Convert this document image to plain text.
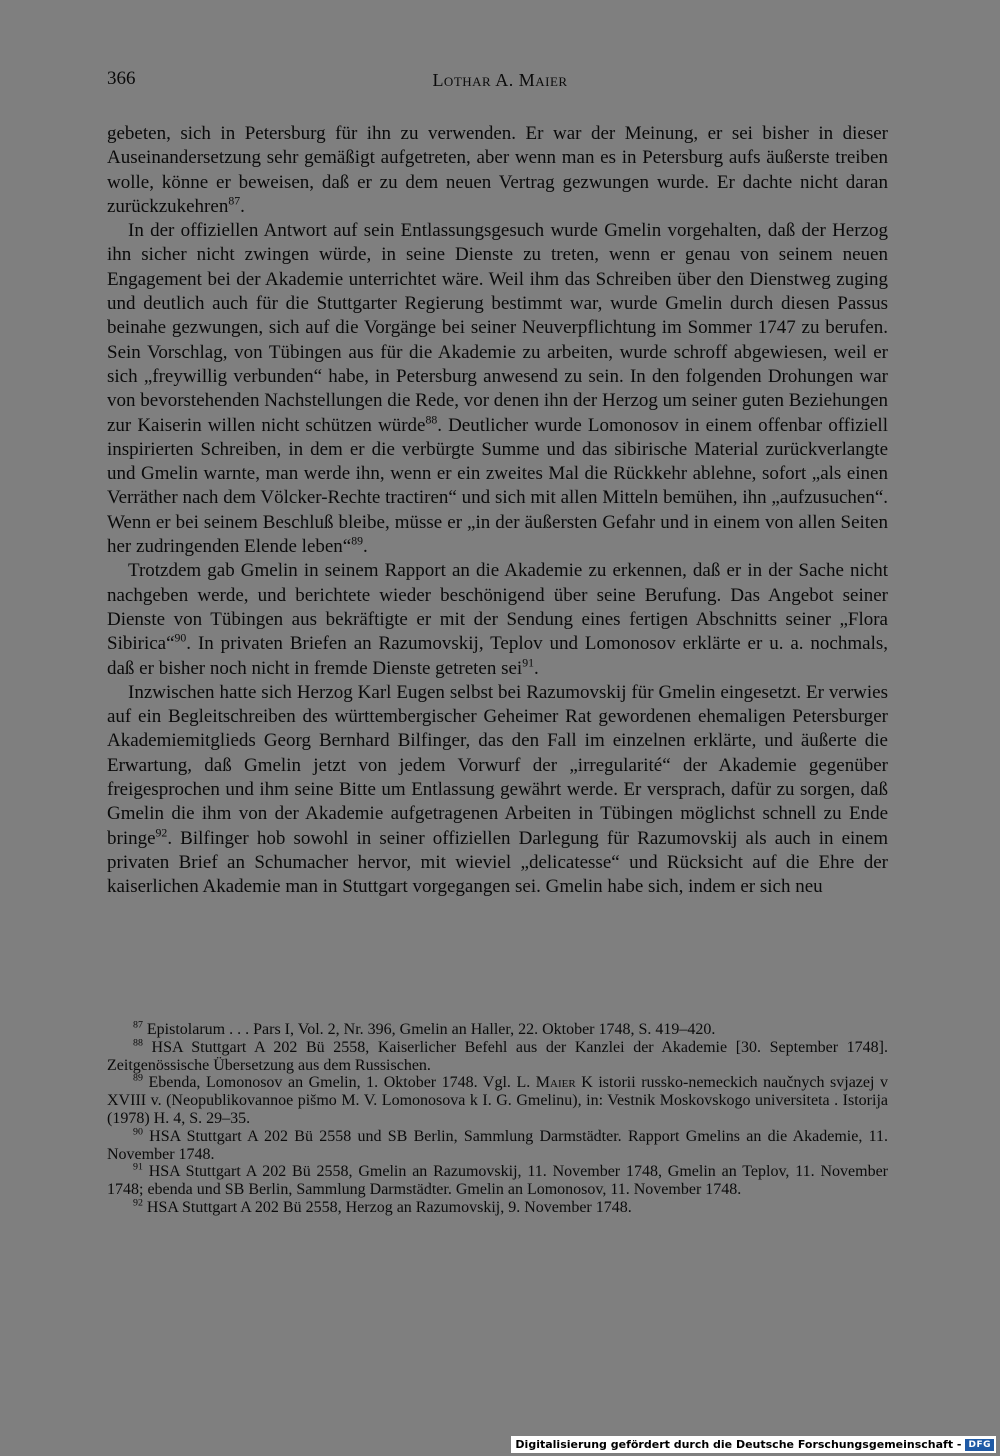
366	Lothar A. Maier

gebeten, sich in Petersburg für ihn zu verwenden. Er war der Meinung, er sei bisher in dieser Auseinandersetzung sehr gemäßigt aufgetreten, aber wenn man es in Petersburg aufs äußerste treiben wolle, könne er beweisen, daß er zu dem neuen Vertrag gezwungen wurde. Er dachte nicht daran zurückzukehren$^{87}$.

In der offiziellen Antwort auf sein Entlassungsgesuch wurde Gmelin vorgehalten, daß der Herzog ihn sicher nicht zwingen würde, in seine Dienste zu treten, wenn er genau von seinem neuen Engagement bei der Akademie unterrichtet wäre. Weil ihm das Schreiben über den Dienstweg zuging und deutlich auch für die Stuttgarter Regierung bestimmt war, wurde Gmelin durch diesen Passus beinahe gezwungen, sich auf die Vorgänge bei seiner Neuverpflichtung im Sommer 1747 zu berufen. Sein Vorschlag, von Tübingen aus für die Akademie zu arbeiten, wurde schroff abgewiesen, weil er sich „freywillig verbunden“ habe, in Petersburg anwesend zu sein. In den folgenden Drohungen war von bevorstehenden Nachstellungen die Rede, vor denen ihn der Herzog um seiner guten Beziehungen zur Kaiserin willen nicht schützen würde$^{88}$. Deutlicher wurde Lomonosov in einem offenbar offiziell inspirierten Schreiben, in dem er die verbürgte Summe und das sibirische Material zurückverlangte und Gmelin warnte, man werde ihn, wenn er ein zweites Mal die Rückkehr ablehne, sofort „als einen Verräther nach dem Völcker-Rechte tractiren“ und sich mit allen Mitteln bemühen, ihn „aufzusuchen“. Wenn er bei seinem Beschluß bleibe, müsse er „in der äußersten Gefahr und in einem von allen Seiten her zudringenden Elende leben“$^{89}$.

Trotzdem gab Gmelin in seinem Rapport an die Akademie zu erkennen, daß er in der Sache nicht nachgeben werde, und berichtete wieder beschönigend über seine Berufung. Das Angebot seiner Dienste von Tübingen aus bekräftigte er mit der Sendung eines fertigen Abschnitts seiner „Flora Sibirica“$^{90}$. In privaten Briefen an Razumovskij, Teplov und Lomonosov erklärte er u. a. nochmals, daß er bisher noch nicht in fremde Dienste getreten sei$^{91}$.

Inzwischen hatte sich Herzog Karl Eugen selbst bei Razumovskij für Gmelin eingesetzt. Er verwies auf ein Begleitschreiben des württembergischer Geheimer Rat gewordenen ehemaligen Petersburger Akademiemitglieds Georg Bernhard Bilfinger, das den Fall im einzelnen erklärte, und äußerte die Erwartung, daß Gmelin jetzt von jedem Vorwurf der „irregularité“ der Akademie gegenüber freigesprochen und ihm seine Bitte um Entlassung gewährt werde. Er versprach, dafür zu sorgen, daß Gmelin die ihm von der Akademie aufgetragenen Arbeiten in Tübingen möglichst schnell zu Ende bringe$^{92}$. Bilfinger hob sowohl in seiner offiziellen Darlegung für Razumovskij als auch in einem privaten Brief an Schumacher hervor, mit wieviel „delicatesse“ und Rücksicht auf die Ehre der kaiserlichen Akademie man in Stuttgart vorgegangen sei. Gmelin habe sich, indem er sich neu

$^{87}$ Epistolarum . . . Pars I, Vol. 2, Nr. 396, Gmelin an Haller, 22. Oktober 1748, S. 419–420.

$^{88}$ HSA Stuttgart A 202 Bü 2558, Kaiserlicher Befehl aus der Kanzlei der Akademie [30. September 1748]. Zeitgenössische Übersetzung aus dem Russischen.

$^{89}$ Ebenda, Lomonosov an Gmelin, 1. Oktober 1748. Vgl. L. Maier K istorii russko-nemeckich naučnych svjazej v XVIII v. (Neopublikovannoe pis̆mo M. V. Lomonosova k I. G. Gmelinu), in: Vestnik Moskovskogo universiteta . Istorija (1978) H. 4, S. 29–35.

$^{90}$ HSA Stuttgart A 202 Bü 2558 und SB Berlin, Sammlung Darmstädter. Rapport Gmelins an die Akademie, 11. November 1748.

$^{91}$ HSA Stuttgart A 202 Bü 2558, Gmelin an Razumovskij, 11. November 1748, Gmelin an Teplov, 11. November 1748; ebenda und SB Berlin, Sammlung Darmstädter. Gmelin an Lomonosov, 11. November 1748.

$^{92}$ HSA Stuttgart A 202 Bü 2558, Herzog an Razumovskij, 9. November 1748.

Digitalisierung gefördert durch die Deutsche Forschungsgemeinschaft - DFG
